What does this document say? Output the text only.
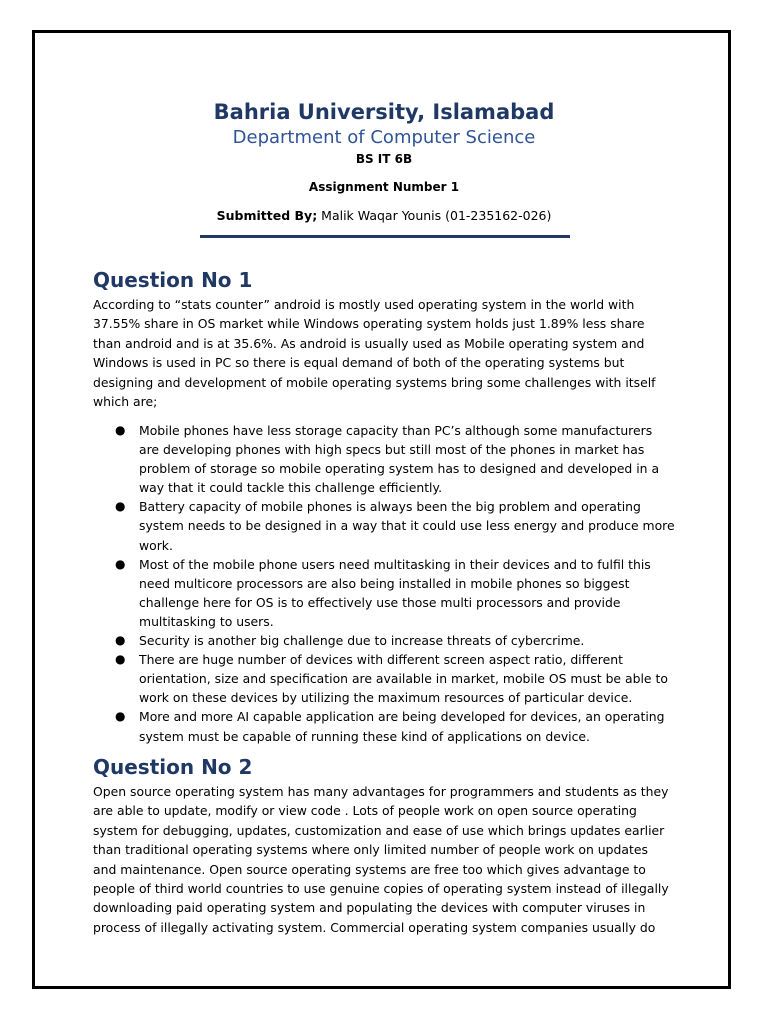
Bahria University, Islamabad
Department of Computer Science
BS IT 6B
Assignment Number 1
Submitted By; Malik Waqar Younis (01-235162-026)
Question No 1

According to “stats counter” android is mostly used operating system in the world with
37.55% share in OS market while Windows operating system holds just 1.89% less share
than android and is at 35.6%. As android is usually used as Mobile operating system and
Windows is used in PC so there is equal demand of both of the operating systems but
designing and development of mobile operating systems bring some challenges with itself
which are;

● Mobile phones have less storage capacity than PC’s although some manufacturers
are developing phones with high specs but still most of the phones in market has
problem of storage so mobile operating system has to designed and developed in a
way that it could tackle this challenge efficiently.
● Battery capacity of mobile phones is always been the big problem and operating
system needs to be designed in a way that it could use less energy and produce more
work.
● Most of the mobile phone users need multitasking in their devices and to fulfil this
need multicore processors are also being installed in mobile phones so biggest
challenge here for OS is to effectively use those multi processors and provide
multitasking to users.
● Security is another big challenge due to increase threats of cybercrime.
● There are huge number of devices with different screen aspect ratio, different
orientation, size and specification are available in market, mobile OS must be able to
work on these devices by utilizing the maximum resources of particular device.
● More and more AI capable application are being developed for devices, an operating
system must be capable of running these kind of applications on device.
Question No 2

Open source operating system has many advantages for programmers and students as they
are able to update, modify or view code . Lots of people work on open source operating
system for debugging, updates, customization and ease of use which brings updates earlier
than traditional operating systems where only limited number of people work on updates
and maintenance. Open source operating systems are free too which gives advantage to
people of third world countries to use genuine copies of operating system instead of illegally
downloading paid operating system and populating the devices with computer viruses in
process of illegally activating system. Commercial operating system companies usually do
